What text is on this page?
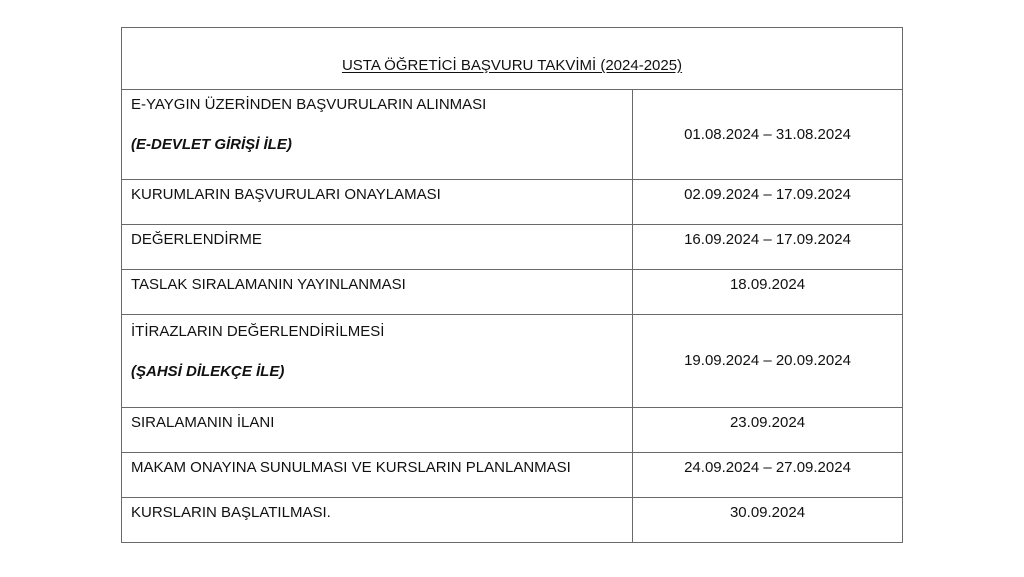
USTA ÖĞRETİCİ BAŞVURU TAKVİMİ (2024-2025)	

E-YAYGIN ÜZERİNDEN BAŞVURULARIN ALINMASI
(E-DEVLET GİRİŞİ İLE)	01.08.2024 – 31.08.2024
KURUMLARIN BAŞVURULARI ONAYLAMASI	02.09.2024 – 17.09.2024
DEĞERLENDİRME	16.09.2024 – 17.09.2024
TASLAK SIRALAMANIN YAYINLANMASI	18.09.2024

İTİRAZLARIN DEĞERLENDİRİLMESİ
(ŞAHSİ DİLEKÇE İLE)	19.09.2024 – 20.09.2024
SIRALAMANIN İLANI	23.09.2024
MAKAM ONAYINA SUNULMASI VE KURSLARIN PLANLANMASI	24.09.2024 – 27.09.2024
KURSLARIN BAŞLATILMASI.	30.09.2024
